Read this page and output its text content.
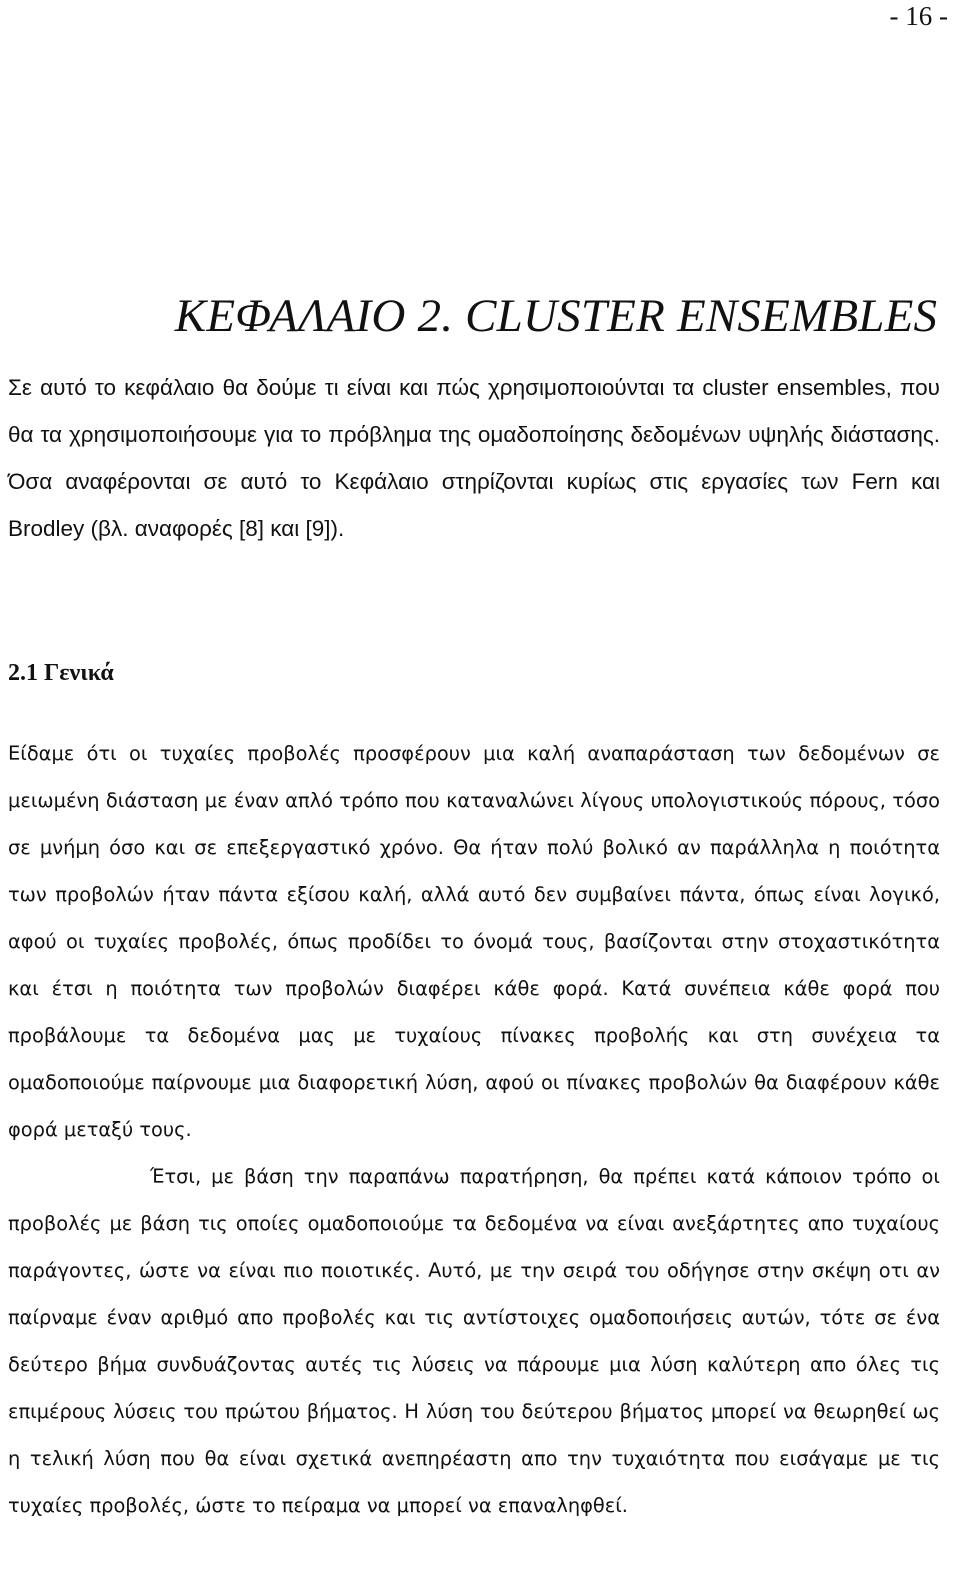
- 16 -
ΚΕΦΑΛΑΙΟ 2. CLUSTER ENSEMBLES

Σε αυτό το κεφάλαιο θα δούμε τι είναι και πώς χρησιμοποιούνται τα cluster ensembles, που θα τα χρησιμοποιήσουμε για το πρόβλημα της ομαδοποίησης δεδομένων υψηλής διάστασης. Όσα αναφέρονται σε αυτό το Κεφάλαιο στηρίζονται κυρίως στις εργασίες των Fern και Brodley (βλ. αναφορές [8] και [9]).

2.1 Γενικά

Είδαμε ότι οι τυχαίες προβολές προσφέρουν μια καλή αναπαράσταση των δεδομένων σε μειωμένη διάσταση με έναν απλό τρόπο που καταναλώνει λίγους υπολογιστικούς πόρους, τόσο σε μνήμη όσο και σε επεξεργαστικό χρόνο. Θα ήταν πολύ βολικό αν παράλληλα η ποιότητα των προβολών ήταν πάντα εξίσου καλή, αλλά αυτό δεν συμβαίνει πάντα, όπως είναι λογικό, αφού οι τυχαίες προβολές, όπως προδίδει το όνομά τους, βασίζονται στην στοχαστικότητα και έτσι η ποιότητα των προβολών διαφέρει κάθε φορά. Κατά συνέπεια κάθε φορά που προβάλουμε τα δεδομένα μας με τυχαίους πίνακες προβολής και στη συνέχεια τα ομαδοποιούμε παίρνουμε μια διαφορετική λύση, αφού οι πίνακες προβολών θα διαφέρουν κάθε φορά μεταξύ τους.

Έτσι, με βάση την παραπάνω παρατήρηση, θα πρέπει κατά κάποιον τρόπο οι προβολές με βάση τις οποίες ομαδοποιούμε τα δεδομένα να είναι ανεξάρτητες απο τυχαίους παράγοντες, ώστε να είναι πιο ποιοτικές. Αυτό, με την σειρά του οδήγησε στην σκέψη οτι αν παίρναμε έναν αριθμό απο προβολές και τις αντίστοιχες ομαδοποιήσεις αυτών, τότε σε ένα δεύτερο βήμα συνδυάζοντας αυτές τις λύσεις να πάρουμε μια λύση καλύτερη απο όλες τις επιμέρους λύσεις του πρώτου βήματος. Η λύση του δεύτερου βήματος μπορεί να θεωρηθεί ως η τελική λύση που θα είναι σχετικά ανεπηρέαστη απο την τυχαιότητα που εισάγαμε με τις τυχαίες προβολές, ώστε το πείραμα να μπορεί να επαναληφθεί.
